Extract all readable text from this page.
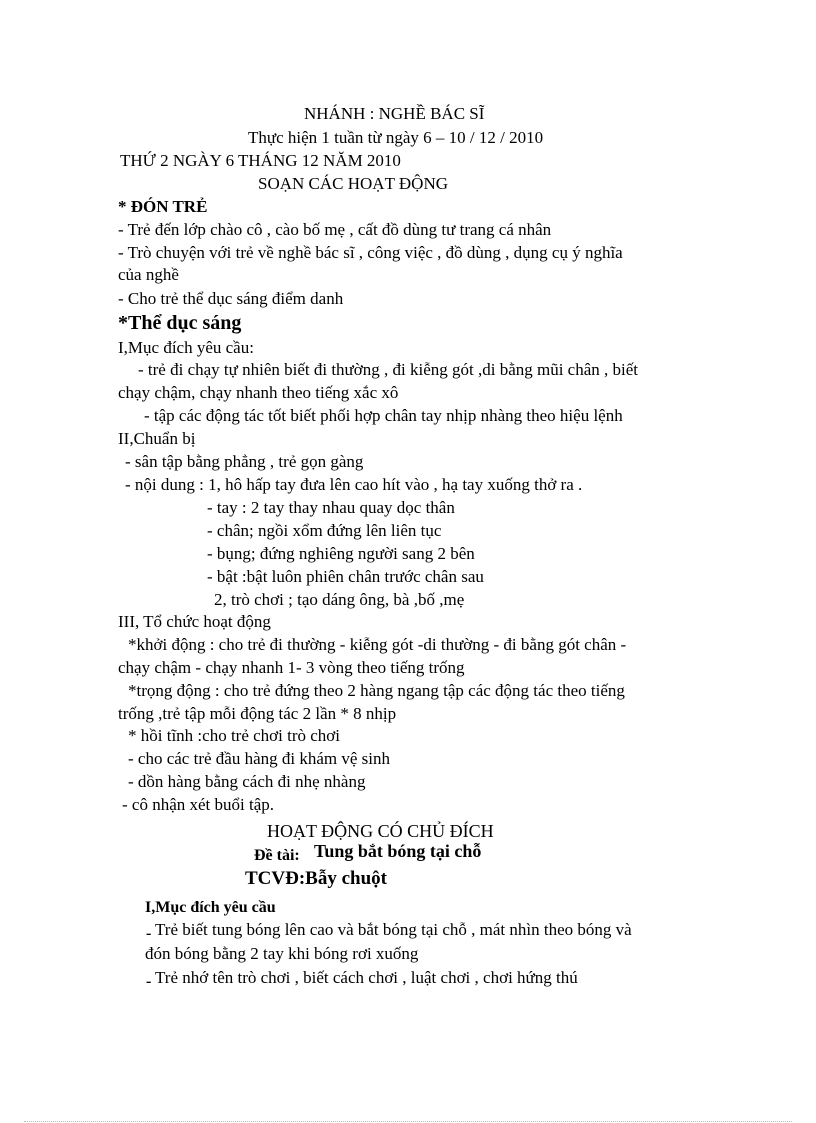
NHÁNH : NGHỀ BÁC SĨ
Thực hiện 1 tuần từ ngày 6 – 10 / 12 / 2010
THỨ 2 NGÀY 6 THÁNG 12 NĂM 2010
SOẠN CÁC HOẠT ĐỘNG
* ĐÓN TRẺ
- Trẻ đến lớp chào cô , cào bố mẹ , cất đồ dùng tư trang cá nhân
- Trò chuyện với trẻ về nghề bác sĩ , công việc , đồ dùng , dụng cụ ý nghĩa
của nghề
- Cho trẻ thể dục sáng điểm danh
*Thể dục sáng
I,Mục đích yêu cầu:
- trẻ đi chạy tự nhiên biết đi thường , đi kiễng gót ,di bằng mũi chân , biết
chạy chậm, chạy nhanh theo tiếng xắc xô
- tập các động tác tốt biết phối hợp chân tay nhịp nhàng theo hiệu lệnh
II,Chuẩn bị
- sân tập bằng phẳng , trẻ gọn gàng
- nội dung : 1, hô hấp tay đưa lên cao hít vào , hạ tay xuống thở ra .
- tay : 2 tay thay nhau quay dọc thân
- chân; ngồi xổm đứng lên liên tục
- bụng; đứng nghiêng người sang 2 bên
- bật :bật luôn phiên chân trước chân sau
2, trò chơi ; tạo dáng ông, bà ,bố ,mẹ
III, Tổ chức hoạt động
*khởi động : cho trẻ đi thường - kiễng gót -di thường - đi bằng gót chân -
chạy chậm - chạy nhanh 1- 3 vòng theo tiếng trống
*trọng động : cho trẻ đứng theo 2 hàng ngang tập các động tác theo tiếng
trống ,trẻ tập mỗi động tác 2 lần * 8 nhịp
* hồi tĩnh :cho trẻ chơi trò chơi
- cho các trẻ đầu hàng đi khám vệ sinh
- dồn hàng bằng cách đi nhẹ nhàng
- cô nhận xét buổi tập.
HOẠT ĐỘNG CÓ CHỦ ĐÍCH
Đề tài: Tung bắt bóng tại chỗ
TCVĐ:Bẫy chuột
I,Mục đích yêu cầu
- Trẻ biết tung bóng lên cao và bắt bóng tại chỗ , mát nhìn theo bóng và
đón bóng bằng 2 tay khi bóng rơi xuống
- Trẻ nhớ tên trò chơi , biết cách chơi , luật chơi , chơi hứng thú
